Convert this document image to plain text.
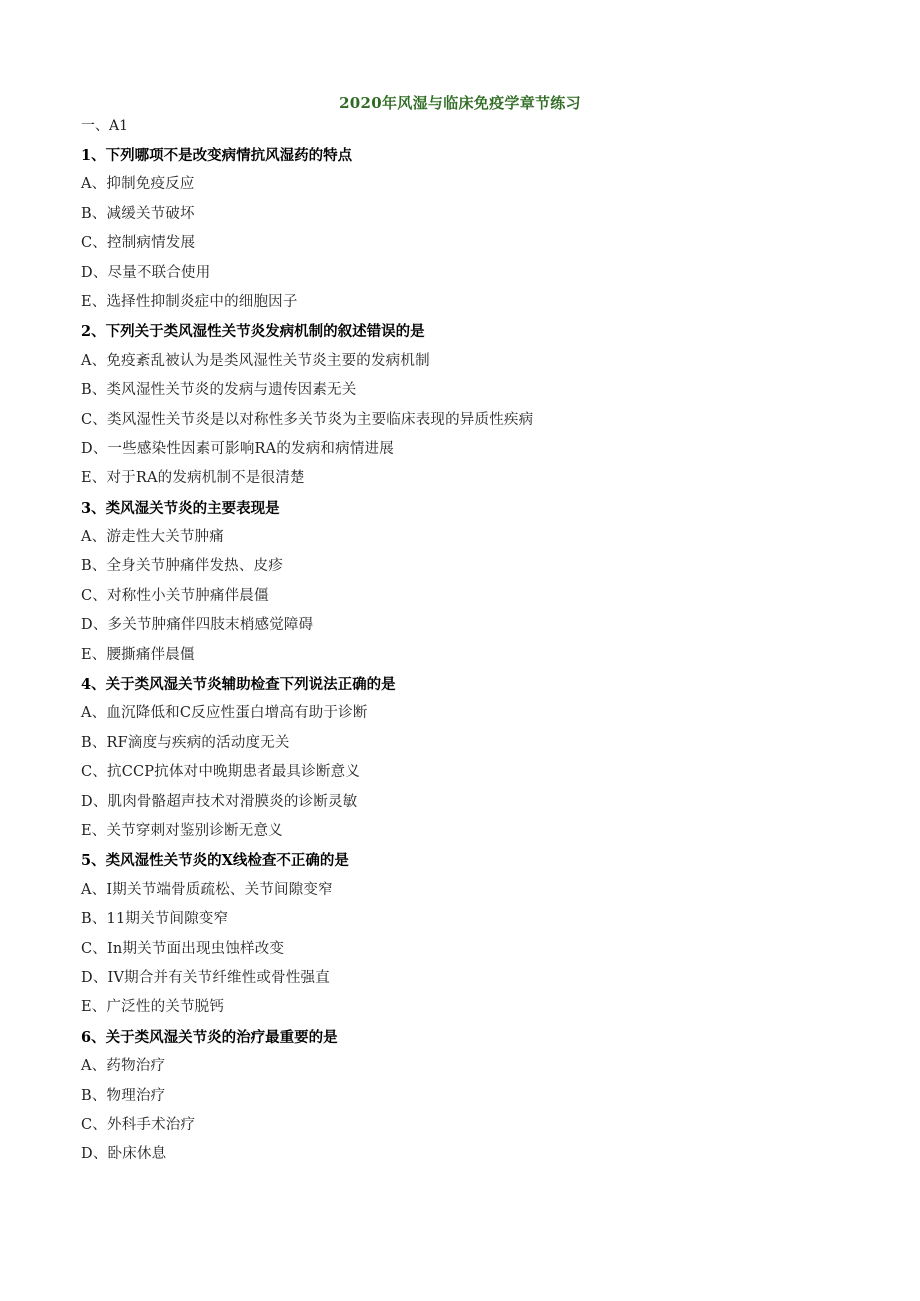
2020年风湿与临床免疫学章节练习
一、A1
1、下列哪项不是改变病情抗风湿药的特点
A、抑制免疫反应
B、减缓关节破坏
C、控制病情发展
D、尽量不联合使用
E、选择性抑制炎症中的细胞因子
2、下列关于类风湿性关节炎发病机制的叙述错误的是
A、免疫紊乱被认为是类风湿性关节炎主要的发病机制
B、类风湿性关节炎的发病与遗传因素无关
C、类风湿性关节炎是以对称性多关节炎为主要临床表现的异质性疾病
D、一些感染性因素可影响RA的发病和病情进展
E、对于RA的发病机制不是很清楚
3、类风湿关节炎的主要表现是
A、游走性大关节肿痛
B、全身关节肿痛伴发热、皮疹
C、对称性小关节肿痛伴晨僵
D、多关节肿痛伴四肢末梢感觉障碍
E、腰撕痛伴晨僵
4、关于类风湿关节炎辅助检查下列说法正确的是
A、血沉降低和C反应性蛋白增高有助于诊断
B、RF滴度与疾病的活动度无关
C、抗CCP抗体对中晚期患者最具诊断意义
D、肌肉骨骼超声技术对滑膜炎的诊断灵敏
E、关节穿刺对鉴别诊断无意义
5、类风湿性关节炎的X线检查不正确的是
A、I期关节端骨质疏松、关节间隙变窄
B、11期关节间隙变窄
C、In期关节面出现虫蚀样改变
D、IV期合并有关节纤维性或骨性强直
E、广泛性的关节脱钙
6、关于类风湿关节炎的治疗最重要的是
A、药物治疗
B、物理治疗
C、外科手术治疗
D、卧床休息
